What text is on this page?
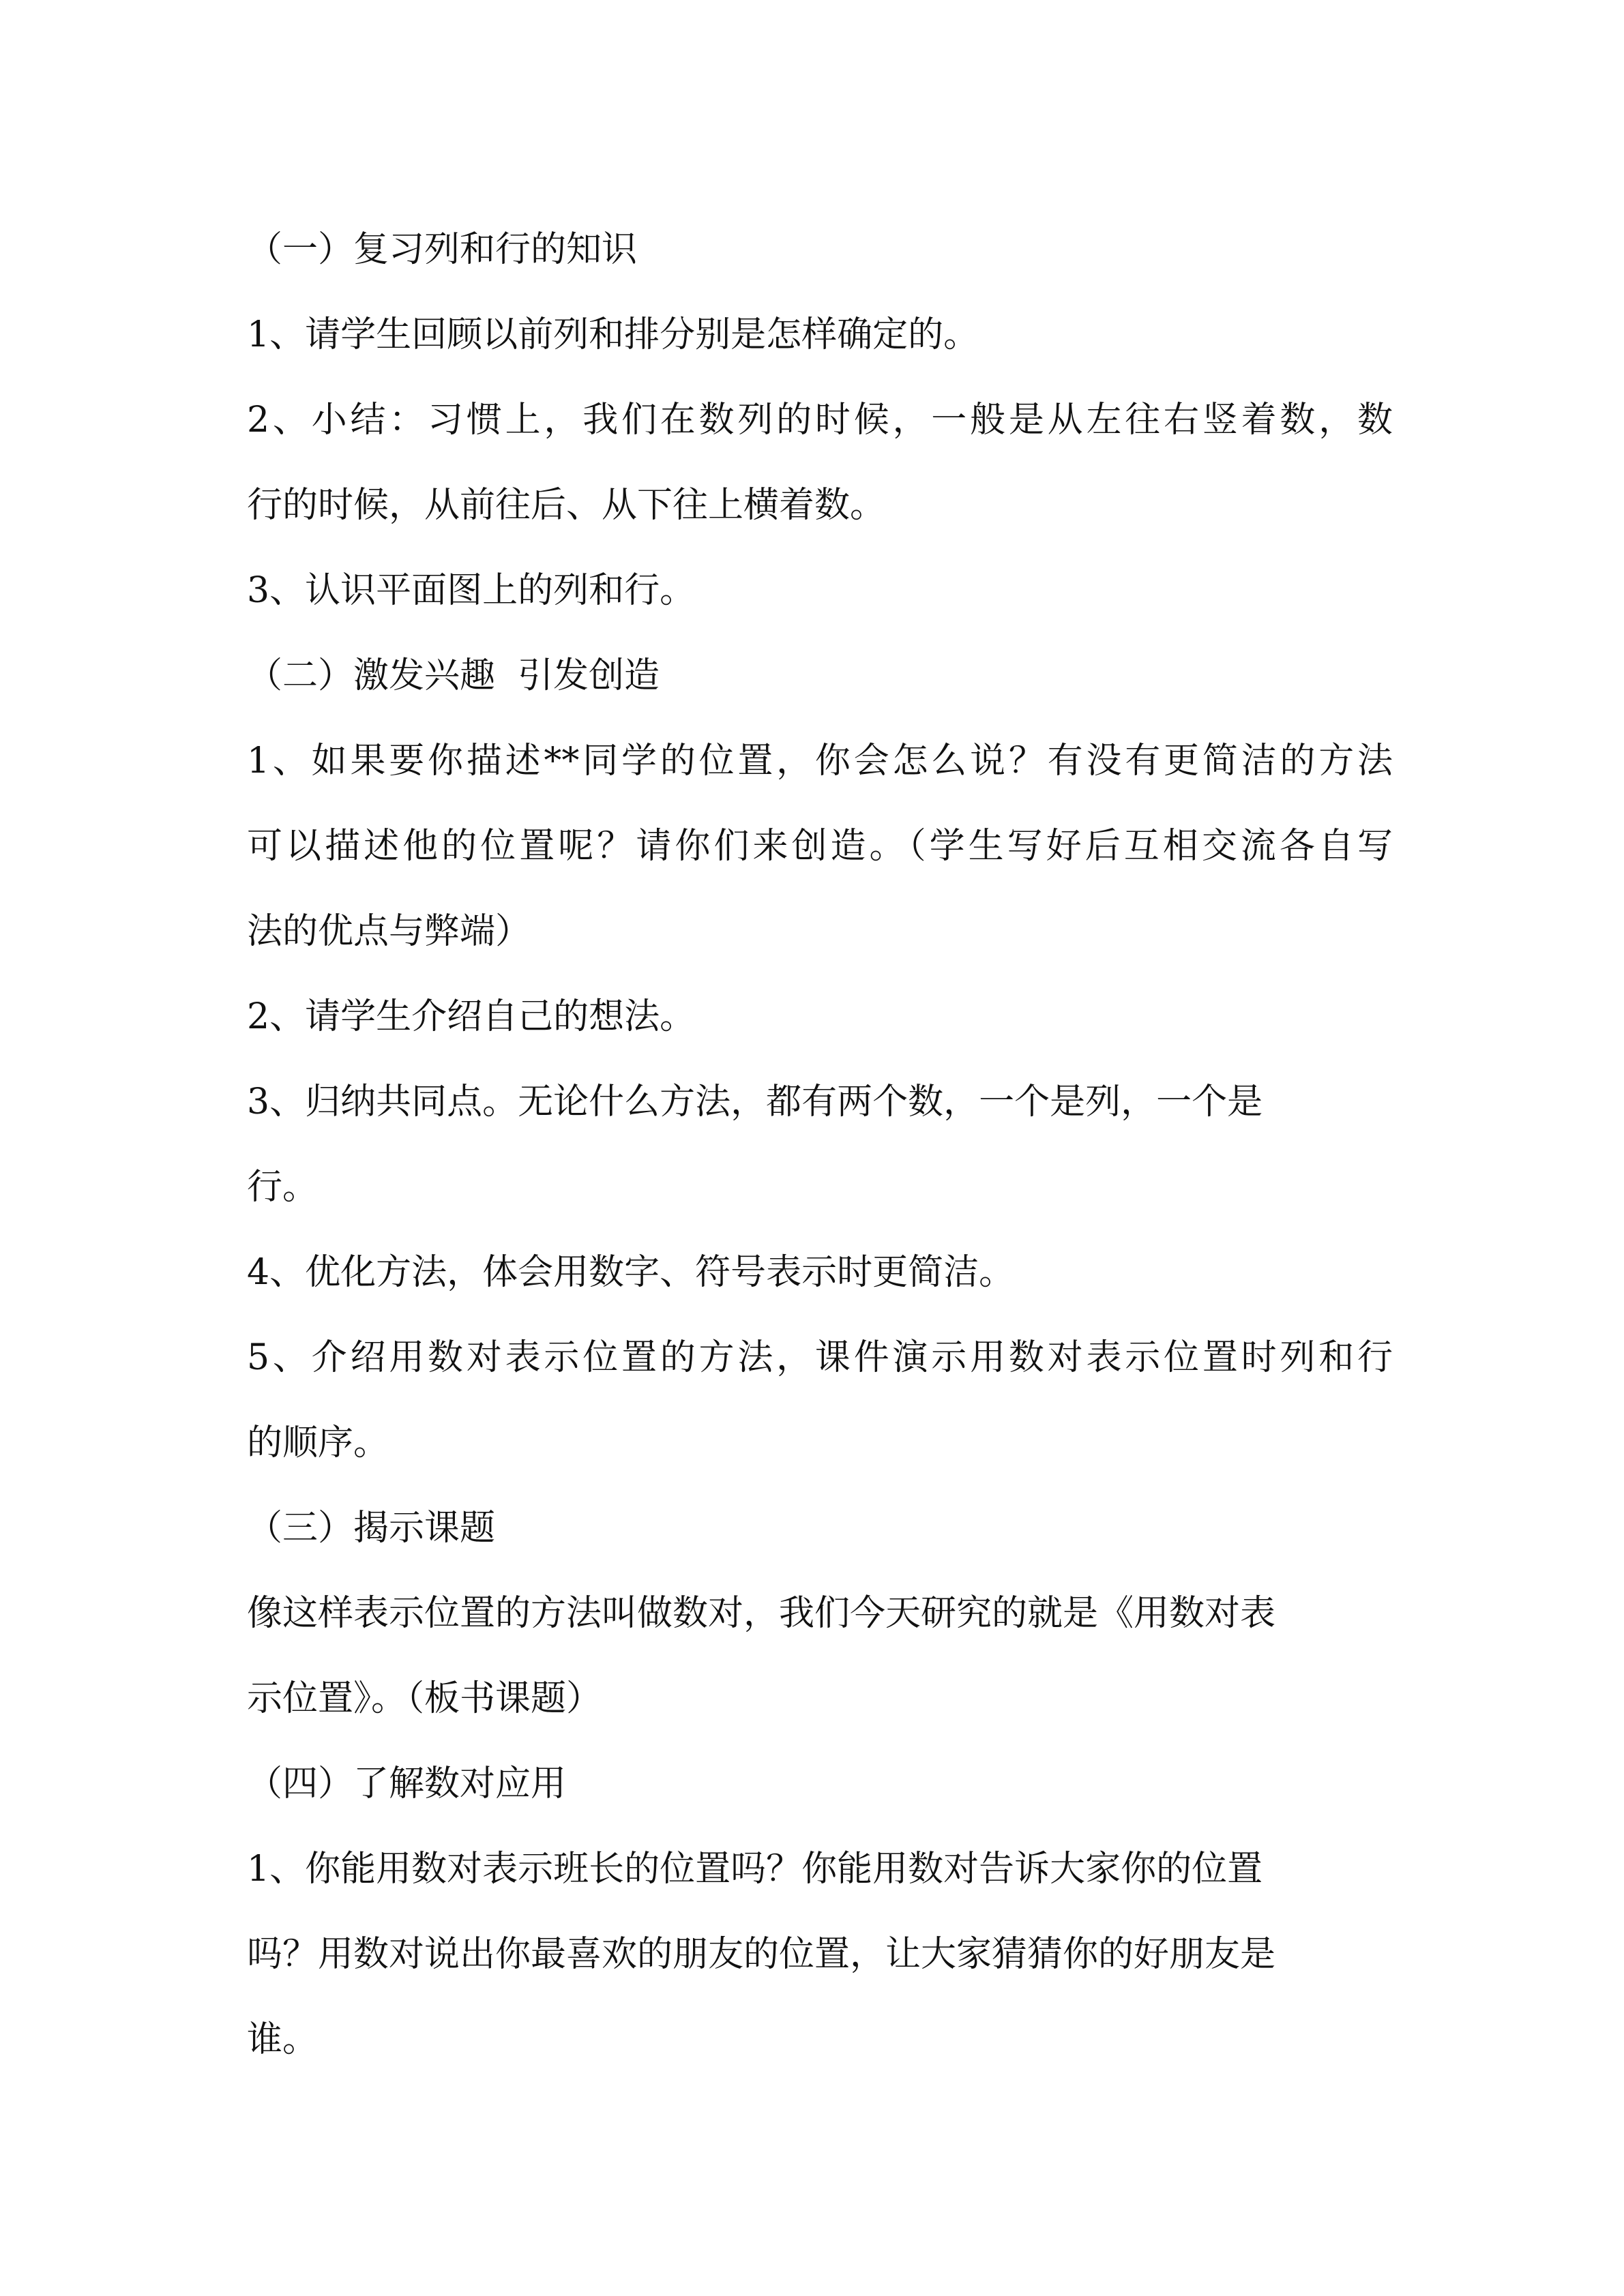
（一）复习列和行的知识
1、请学生回顾以前列和排分别是怎样确定的。
2、小结：习惯上，我们在数列的时候，一般是从左往右竖着数，数
行的时候，从前往后、从下往上横着数。
3、认识平面图上的列和行。
（二）激发兴趣  引发创造
1、如果要你描述**同学的位置，你会怎么说？有没有更简洁的方法
可以描述他的位置呢？请你们来创造。（学生写好后互相交流各自写
法的优点与弊端）
2、请学生介绍自己的想法。
3、归纳共同点。无论什么方法，都有两个数，一个是列，一个是
行。
4、优化方法，体会用数字、符号表示时更简洁。
5、介绍用数对表示位置的方法，课件演示用数对表示位置时列和行
的顺序。
（三）揭示课题
像这样表示位置的方法叫做数对，我们今天研究的就是《用数对表
示位置》。（板书课题）
（四）了解数对应用
1、你能用数对表示班长的位置吗？你能用数对告诉大家你的位置
吗？用数对说出你最喜欢的朋友的位置，让大家猜猜你的好朋友是
谁。
